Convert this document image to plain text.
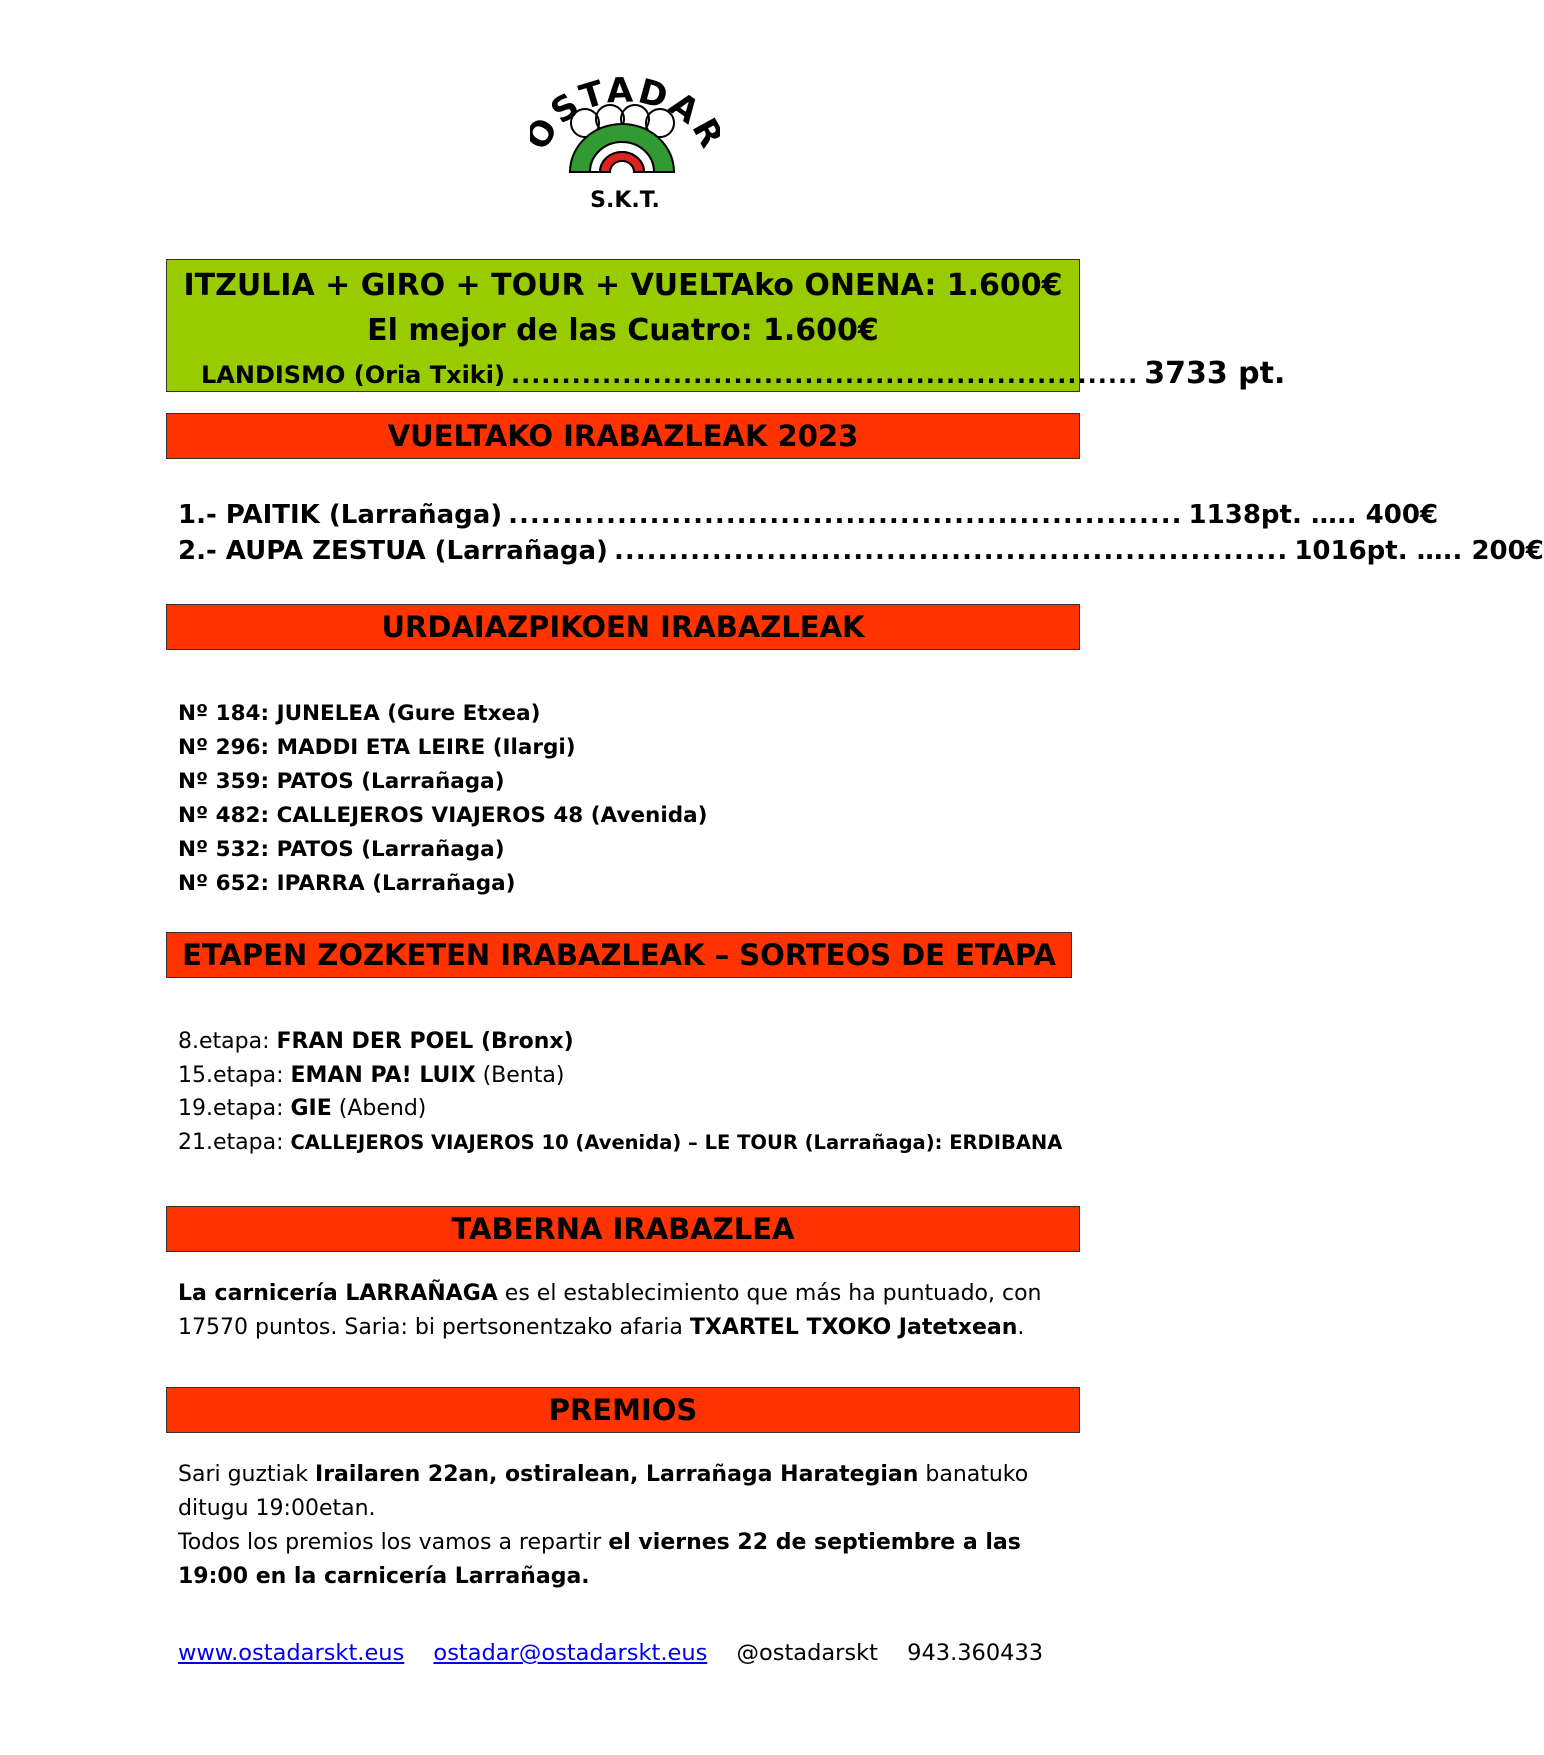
STADA
S.K.T.
ITZULIA + GIRO + TOUR + VUELTAko ONENA: 1.600€
El mejor de las Cuatro: 1.600€
LANDISMO (Oria Txiki) .............................................................. 3733 pt.
VUELTAKO IRABAZLEAK 2023
1.- PAITIK (Larrañaga) .............................................................. 1138pt. ….. 400€
2.- AUPA ZESTUA (Larrañaga) .............................................................. 1016pt. ….. 200€
URDAIAZPIKOEN IRABAZLEAK
Nº 184: JUNELEA (Gure Etxea)
Nº 296: MADDI ETA LEIRE (Ilargi)
Nº 359: PATOS (Larrañaga)
Nº 482: CALLEJEROS VIAJEROS 48 (Avenida)
Nº 532: PATOS (Larrañaga)
Nº 652: IPARRA (Larrañaga)
ETAPEN ZOZKETEN IRABAZLEAK – SORTEOS DE ETAPA
8.etapa: FRAN DER POEL (Bronx)
15.etapa: EMAN PA! LUIX (Benta)
19.etapa: GIE (Abend)
21.etapa: CALLEJEROS VIAJEROS 10 (Avenida) – LE TOUR (Larrañaga): ERDIBANA
TABERNA IRABAZLEA
La carnicería LARRAÑAGA es el establecimiento que más ha puntuado, con 17570 puntos. Saria: bi pertsonentzako afaria TXARTEL TXOKO Jatetxean.
PREMIOS
Sari guztiak Irailaren 22an, ostiralean, Larrañaga Harategian banatuko ditugu 19:00etan.
Todos los premios los vamos a repartir el viernes 22 de septiembre a las 19:00 en la carnicería Larrañaga.
www.ostadarskt.eus ostadar@ostadarskt.eus @ostadarskt 943.360433
